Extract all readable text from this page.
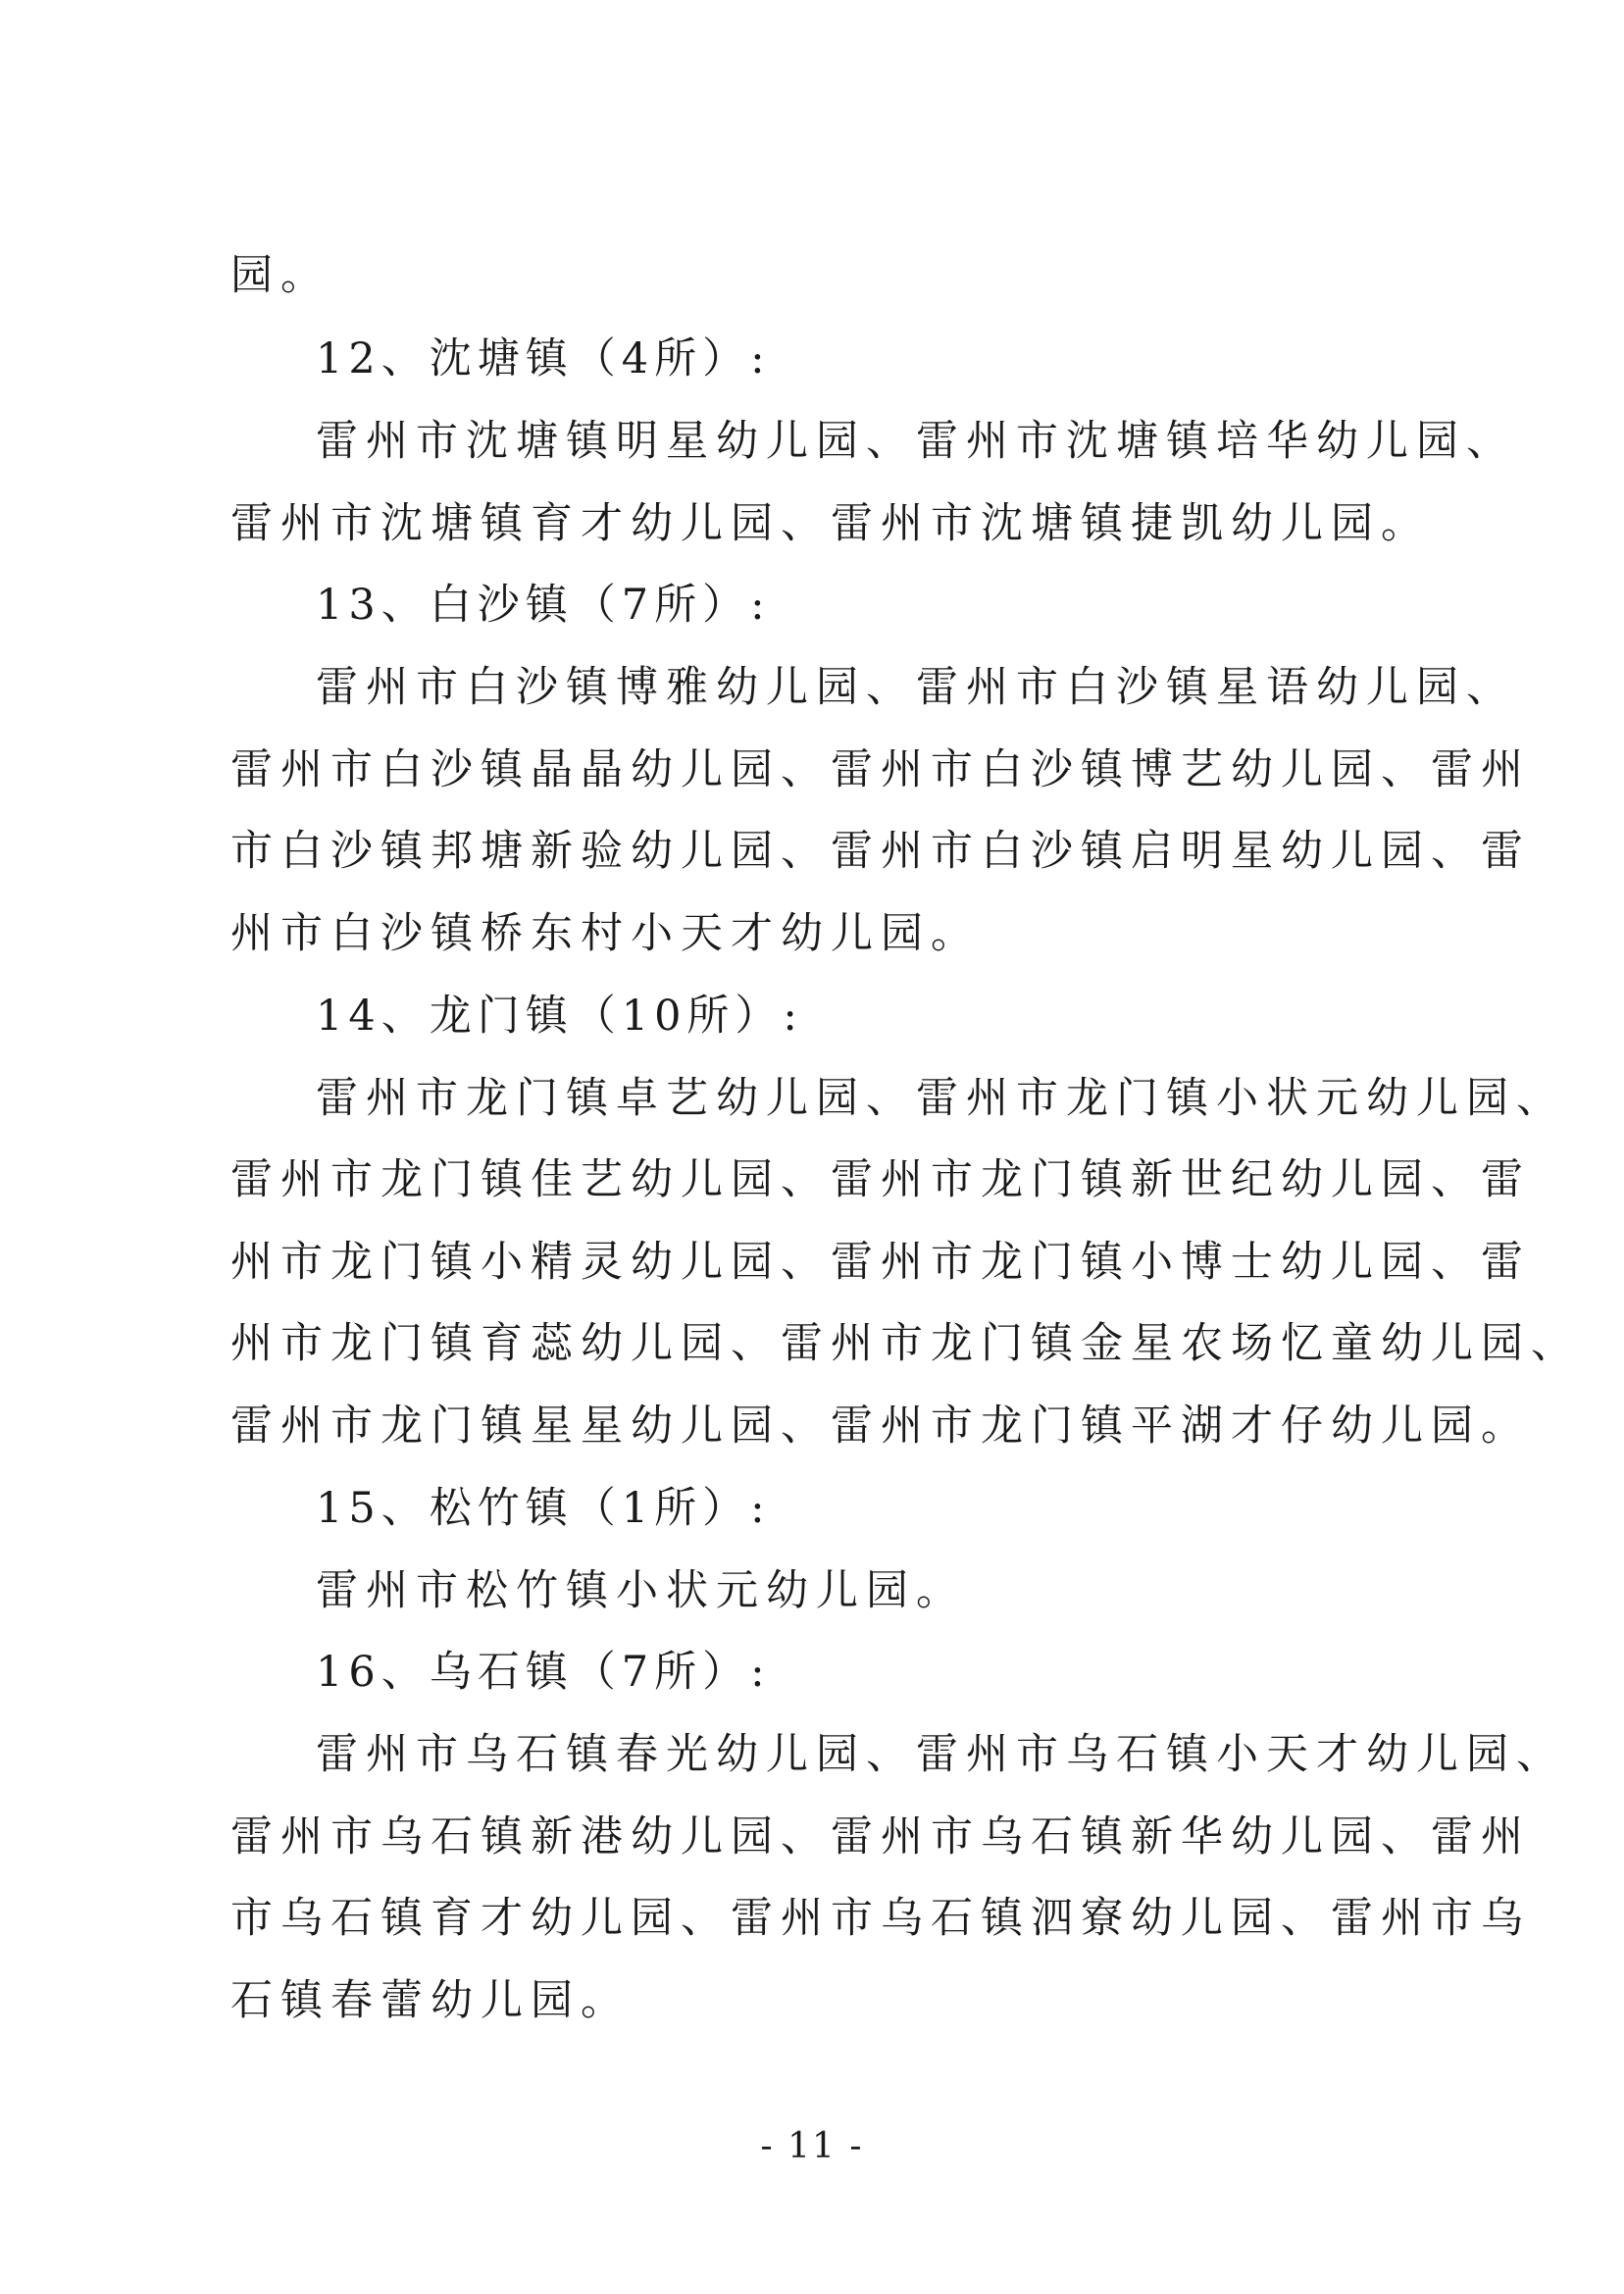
园。
12、沈塘镇（4所）:
雷州市沈塘镇明星幼儿园、雷州市沈塘镇培华幼儿园、
雷州市沈塘镇育才幼儿园、雷州市沈塘镇捷凯幼儿园。
13、白沙镇（7所）:
雷州市白沙镇博雅幼儿园、雷州市白沙镇星语幼儿园、
雷州市白沙镇晶晶幼儿园、雷州市白沙镇博艺幼儿园、雷州
市白沙镇邦塘新验幼儿园、雷州市白沙镇启明星幼儿园、雷
州市白沙镇桥东村小天才幼儿园。
14、龙门镇（10所）:
雷州市龙门镇卓艺幼儿园、雷州市龙门镇小状元幼儿园、
雷州市龙门镇佳艺幼儿园、雷州市龙门镇新世纪幼儿园、雷
州市龙门镇小精灵幼儿园、雷州市龙门镇小博士幼儿园、雷
州市龙门镇育蕊幼儿园、雷州市龙门镇金星农场忆童幼儿园、
雷州市龙门镇星星幼儿园、雷州市龙门镇平湖才仔幼儿园。
15、松竹镇（1所）:
雷州市松竹镇小状元幼儿园。
16、乌石镇（7所）:
雷州市乌石镇春光幼儿园、雷州市乌石镇小天才幼儿园、
雷州市乌石镇新港幼儿园、雷州市乌石镇新华幼儿园、雷州
市乌石镇育才幼儿园、雷州市乌石镇泗寮幼儿园、雷州市乌
石镇春蕾幼儿园。
- 11 -
